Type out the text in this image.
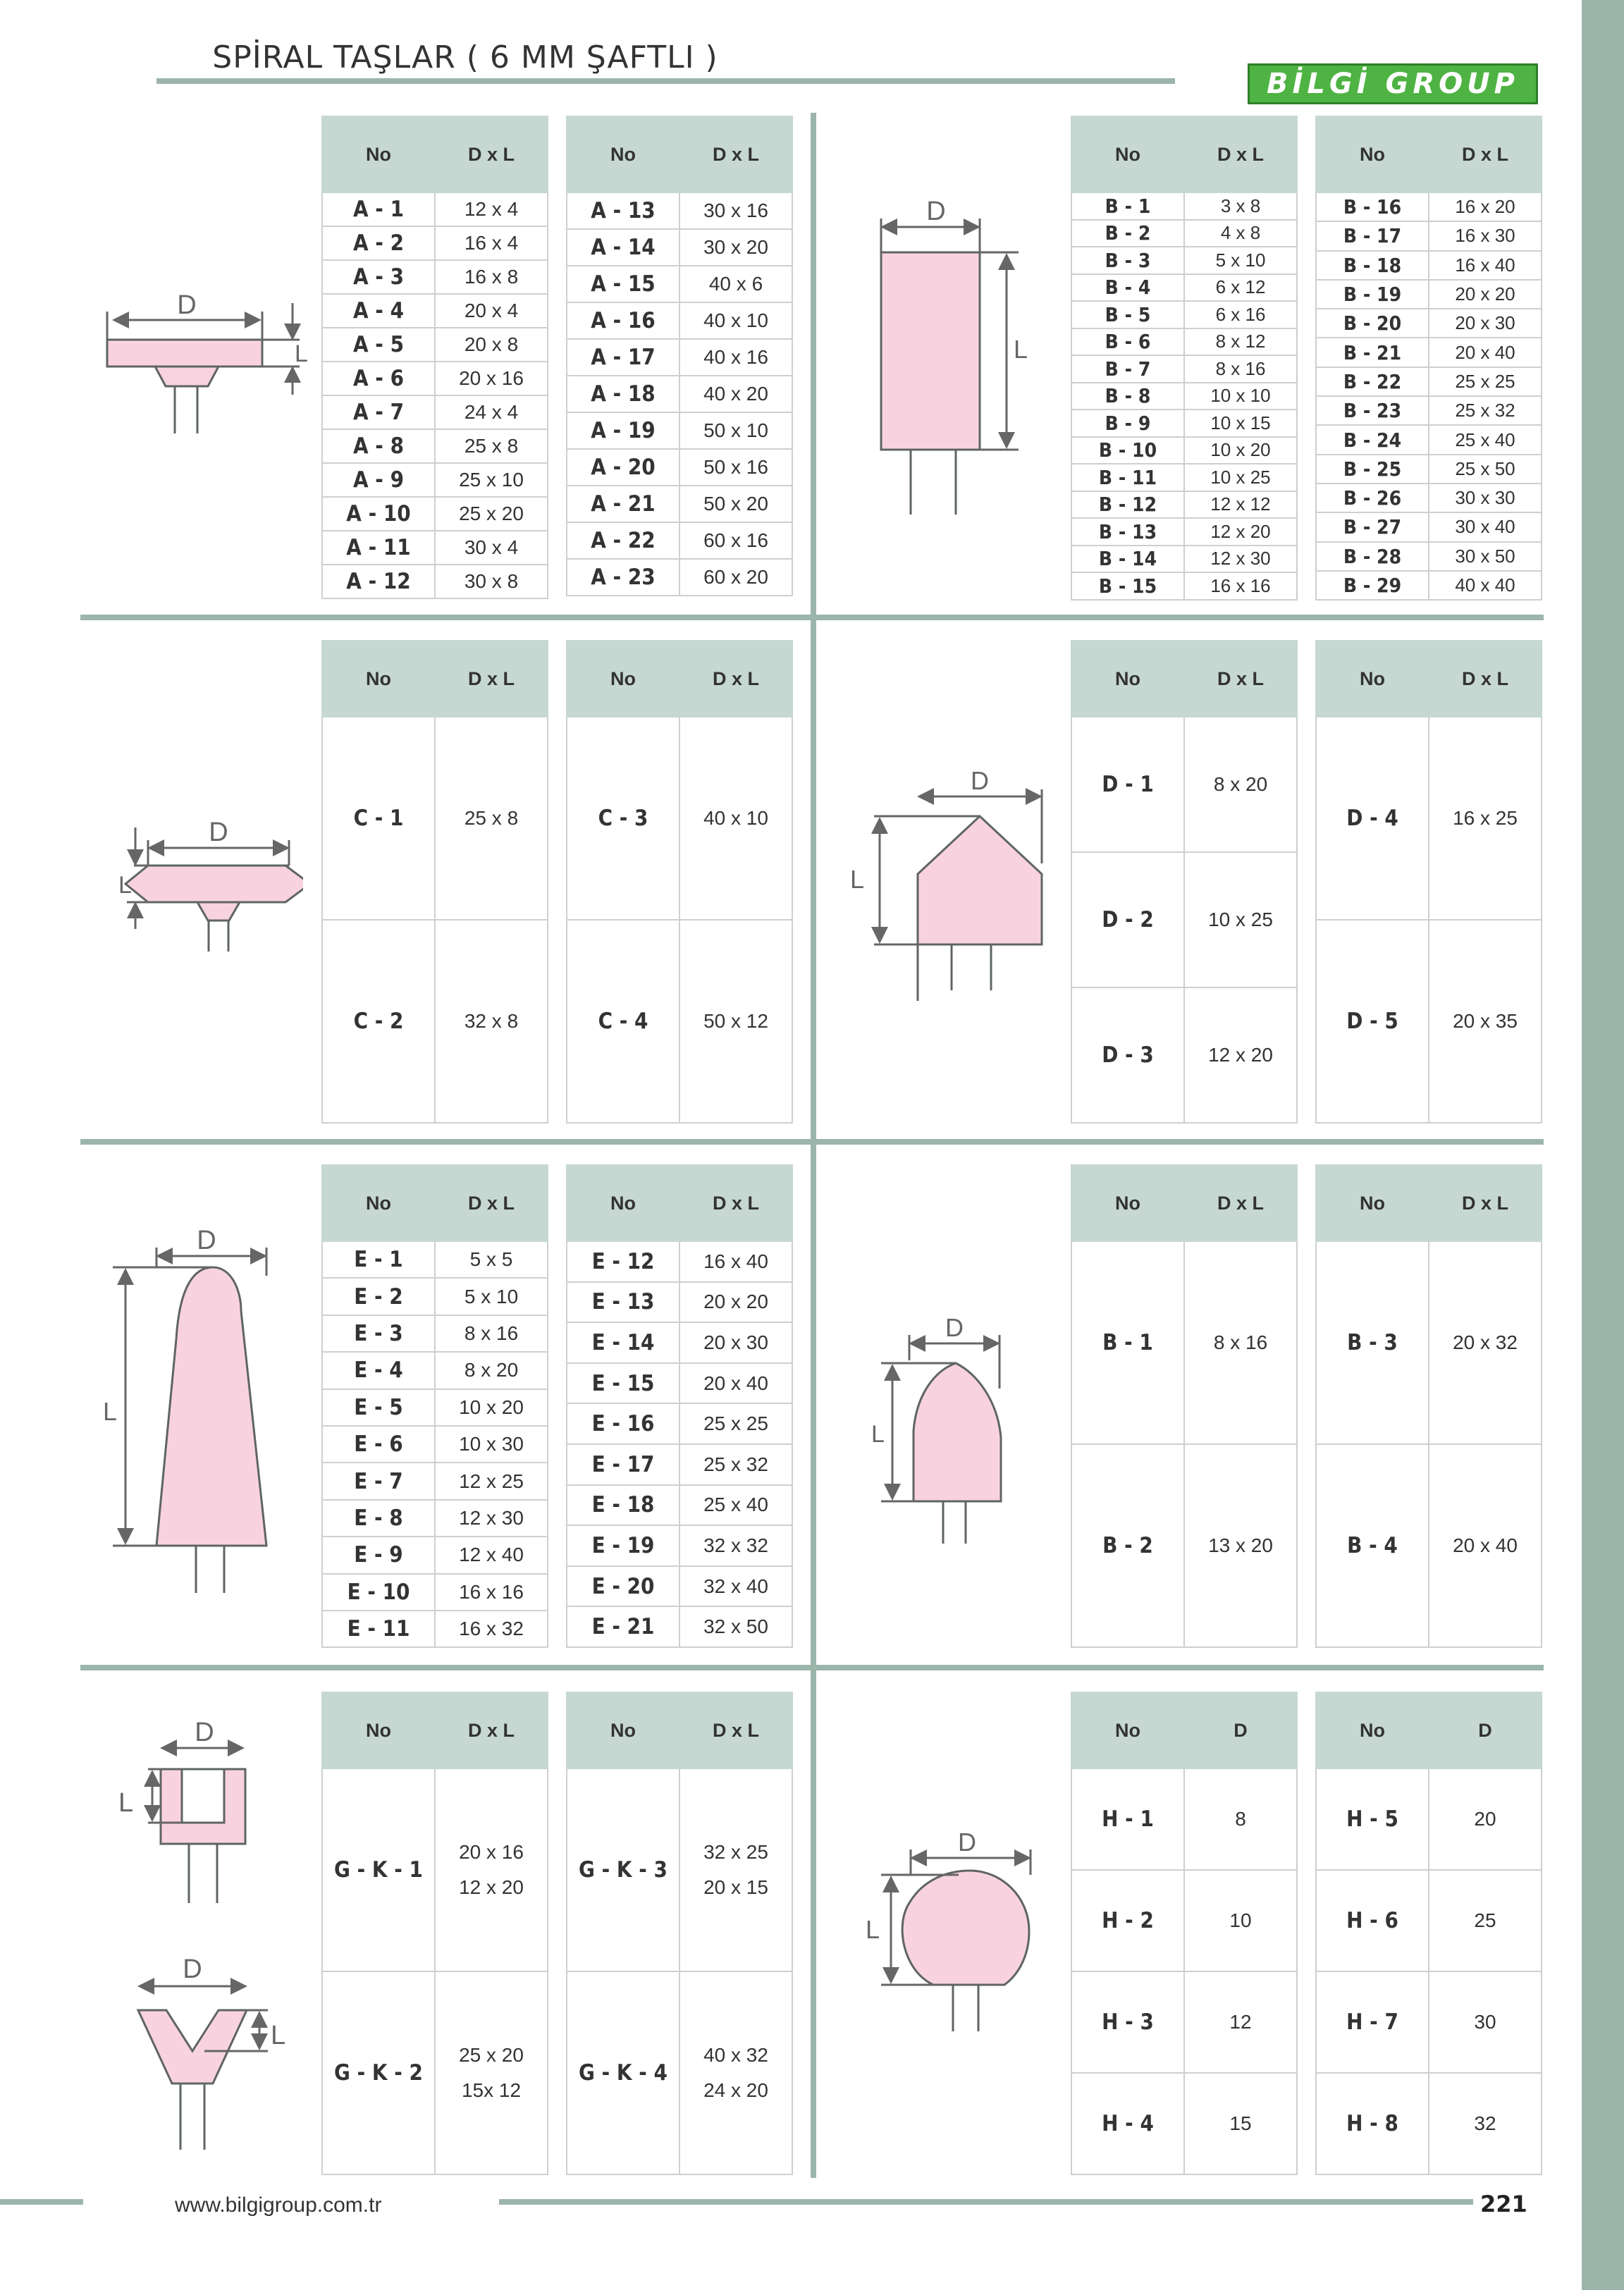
SPİRAL TAŞLAR ( 6 MM ŞAFTLI )
BİLGİ GROUP
D
L
No	D x L
A - 1	12 x 4
A - 2	16 x 4
A - 3	16 x 8
A - 4	20 x 4
A - 5	20 x 8
A - 6	20 x 16
A - 7	24 x 4
A - 8	25 x 8
A - 9	25 x 10
A - 10	25 x 20
A - 11	30 x 4
A - 12	30 x 8
No	D x L
A - 13	30 x 16
A - 14	30 x 20
A - 15	40 x 6
A - 16	40 x 10
A - 17	40 x 16
A - 18	40 x 20
A - 19	50 x 10
A - 20	50 x 16
A - 21	50 x 20
A - 22	60 x 16
A - 23	60 x 20
D
L
No	D x L
B - 1	3 x 8
B - 2	4 x 8
B - 3	5 x 10
B - 4	6 x 12
B - 5	6 x 16
B - 6	8 x 12
B - 7	8 x 16
B - 8	10 x 10
B - 9	10 x 15
B - 10	10 x 20
B - 11	10 x 25
B - 12	12 x 12
B - 13	12 x 20
B - 14	12 x 30
B - 15	16 x 16
No	D x L
B - 16	16 x 20
B - 17	16 x 30
B - 18	16 x 40
B - 19	20 x 20
B - 20	20 x 30
B - 21	20 x 40
B - 22	25 x 25
B - 23	25 x 32
B - 24	25 x 40
B - 25	25 x 50
B - 26	30 x 30
B - 27	30 x 40
B - 28	30 x 50
B - 29	40 x 40
D
L
No	D x L
C - 1	25 x 8
C - 2	32 x 8
No	D x L
C - 3	40 x 10
C - 4	50 x 12
D
L
No	D x L
D - 1	8 x 20
D - 2	10 x 25
D - 3	12 x 20
No	D x L
D - 4	16 x 25
D - 5	20 x 35
D
L
No	D x L
E - 1	5 x 5
E - 2	5 x 10
E - 3	8 x 16
E - 4	8 x 20
E - 5	10 x 20
E - 6	10 x 30
E - 7	12 x 25
E - 8	12 x 30
E - 9	12 x 40
E - 10	16 x 16
E - 11	16 x 32
No	D x L
E - 12	16 x 40
E - 13	20 x 20
E - 14	20 x 30
E - 15	20 x 40
E - 16	25 x 25
E - 17	25 x 32
E - 18	25 x 40
E - 19	32 x 32
E - 20	32 x 40
E - 21	32 x 50
D
L
No	D x L
B - 1	8 x 16
B - 2	13 x 20
No	D x L
B - 3	20 x 32
B - 4	20 x 40
D
L
D
L
No	D x L
G - K - 1	20 x 16
12 x 20

G - K - 2	25 x 20
15x 12
No	D x L
G - K - 3	32 x 25
20 x 15

G - K - 4	40 x 32
24 x 20
D
L
No	D
H - 1	8
H - 2	10
H - 3	12
H - 4	15
No	D
H - 5	20
H - 6	25
H - 7	30
H - 8	32
www.bilgigroup.com.tr	221
